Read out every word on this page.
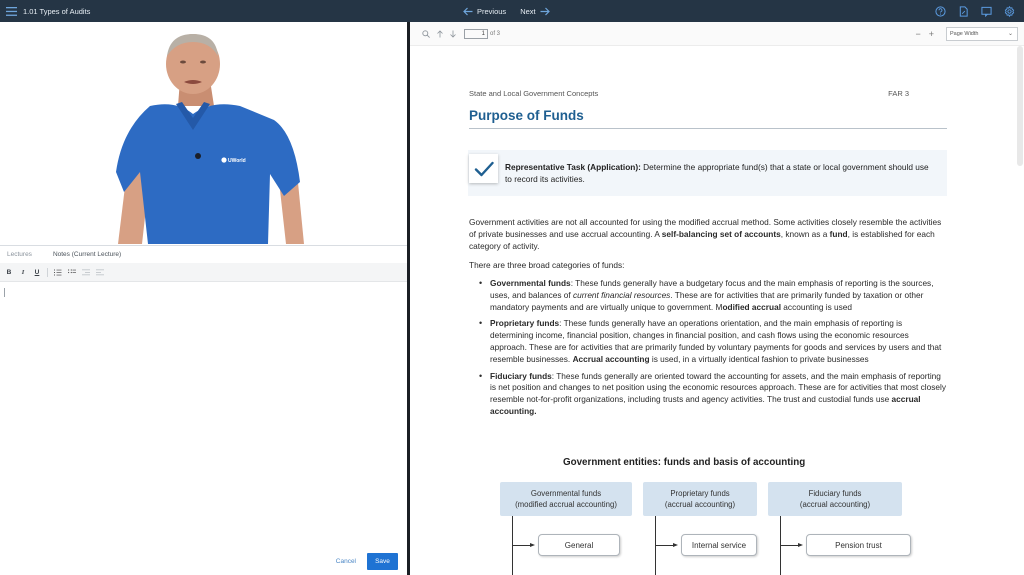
1.01 Types of Audits	Previous Next
UWorld
Lectures	Notes (Current Lecture)
B	I	U
Cancel	Save
1 of 3	− +	Page Width	⌄
State and Local Government Concepts	FAR 3
Purpose of Funds
Representative Task (Application): Determine the appropriate fund(s) that a state or local government should use to record its activities.
Government activities are not all accounted for using the modified accrual method. Some activities closely resemble the activities of private businesses and use accrual accounting. A self-balancing set of accounts, known as a fund, is established for each category of activity.
There are three broad categories of funds:
• Governmental funds: These funds generally have a budgetary focus and the main emphasis of reporting is the sources, uses, and balances of current financial resources. These are for activities that are primarily funded by taxation or other mandatory payments and are virtually unique to government. Modified accrual accounting is used
• Proprietary funds: These funds generally have an operations orientation, and the main emphasis of reporting is determining income, financial position, changes in financial position, and cash flows using the economic resources approach. These are for activities that are primarily funded by voluntary payments for goods and services by users and that resemble businesses. Accrual accounting is used, in a virtually identical fashion to private businesses
• Fiduciary funds: These funds generally are oriented toward the accounting for assets, and the main emphasis of reporting is net position and changes to net position using the economic resources approach. These are for activities that most closely resemble not-for-profit organizations, including trusts and agency activities. The trust and custodial funds use accrual accounting.
Government entities: funds and basis of accounting
Governmental funds
(modified accrual accounting)
Proprietary funds
(accrual accounting)
Fiduciary funds
(accrual accounting)
General	Internal service	Pension trust
